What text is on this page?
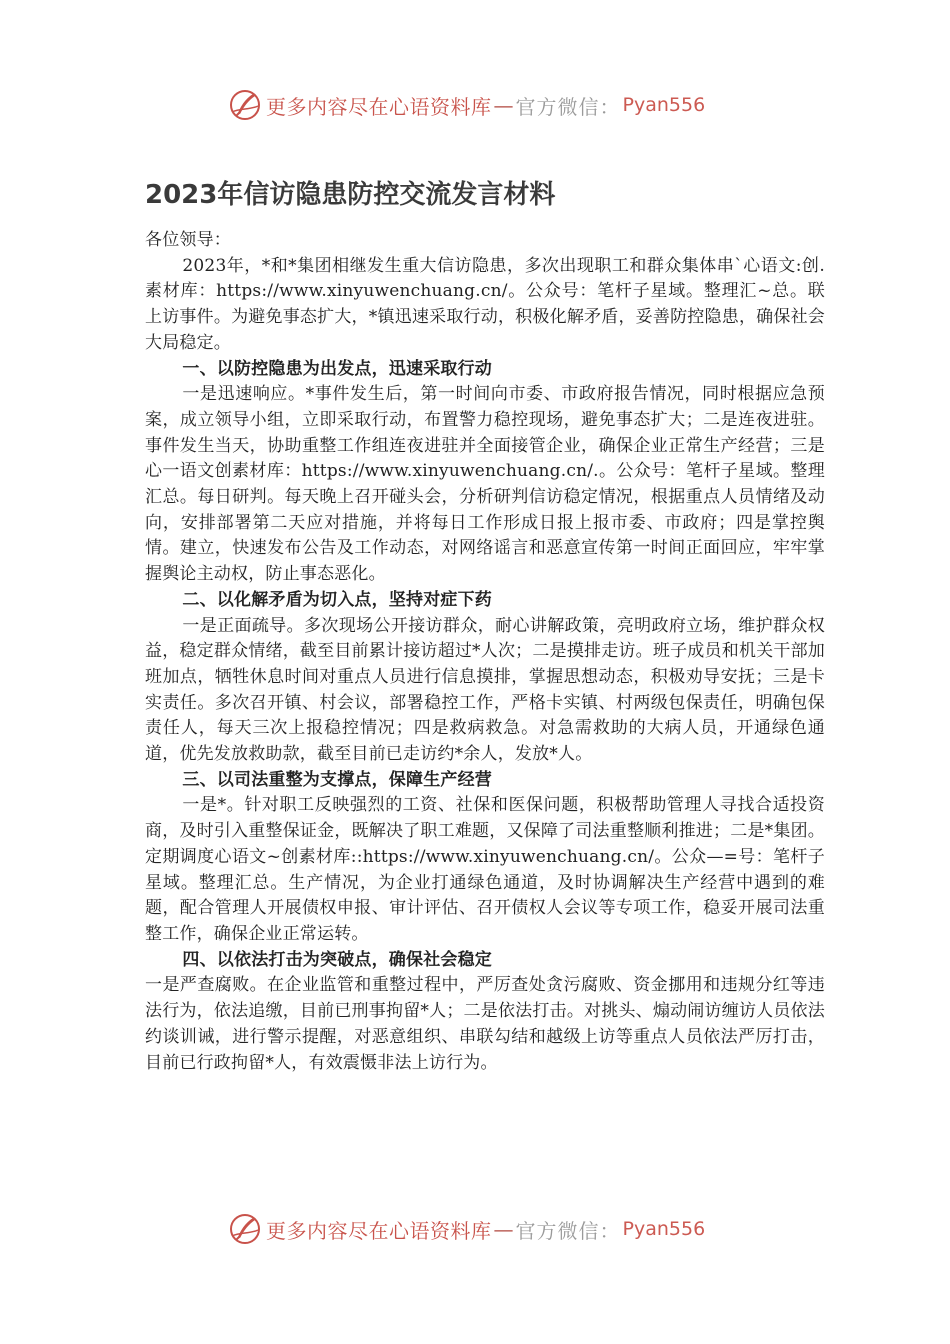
更多内容尽在心语资料库 — 官方微信： Pyan556
2023年信访隐患防控交流发言材料

各位领导：

2023年，*和*集团相继发生重大信访隐患，多次出现职工和群众集体串`心语文:创.素材库：https://www.xinyuwenchuang.cn/。公众号：笔杆子星域。整理汇~总。联上访事件。为避免事态扩大，*镇迅速采取行动，积极化解矛盾，妥善防控隐患，确保社会大局稳定。

一、以防控隐患为出发点，迅速采取行动

一是迅速响应。*事件发生后，第一时间向市委、市政府报告情况，同时根据应急预案，成立领导小组，立即采取行动，布置警力稳控现场，避免事态扩大；二是连夜进驻。事件发生当天，协助重整工作组连夜进驻并全面接管企业，确保企业正常生产经营；三是心一语文创素材库：https://www.xinyuwenchuang.cn/.。公众号：笔杆子星域。整理汇总。每日研判。每天晚上召开碰头会，分析研判信访稳定情况，根据重点人员情绪及动向，安排部署第二天应对措施，并将每日工作形成日报上报市委、市政府；四是掌控舆情。建立，快速发布公告及工作动态，对网络谣言和恶意宣传第一时间正面回应，牢牢掌握舆论主动权，防止事态恶化。

二、以化解矛盾为切入点，坚持对症下药

一是正面疏导。多次现场公开接访群众，耐心讲解政策，亮明政府立场，维护群众权益，稳定群众情绪，截至目前累计接访超过*人次；二是摸排走访。班子成员和机关干部加班加点，牺牲休息时间对重点人员进行信息摸排，掌握思想动态，积极劝导安抚；三是卡实责任。多次召开镇、村会议，部署稳控工作，严格卡实镇、村两级包保责任，明确包保责任人，每天三次上报稳控情况；四是救病救急。对急需救助的大病人员，开通绿色通道，优先发放救助款，截至目前已走访约*余人，发放*人。

三、以司法重整为支撑点，保障生产经营

一是*。针对职工反映强烈的工资、社保和医保问题，积极帮助管理人寻找合适投资商，及时引入重整保证金，既解决了职工难题，又保障了司法重整顺利推进；二是*集团。定期调度心语文~创素材库::https://www.xinyuwenchuang.cn/。公众—=号：笔杆子星域。整理汇总。生产情况，为企业打通绿色通道，及时协调解决生产经营中遇到的难题，配合管理人开展债权申报、审计评估、召开债权人会议等专项工作，稳妥开展司法重整工作，确保企业正常运转。

四、以依法打击为突破点，确保社会稳定

一是严查腐败。在企业监管和重整过程中，严厉查处贪污腐败、资金挪用和违规分红等违法行为，依法追缴，目前已刑事拘留*人；二是依法打击。对挑头、煽动闹访缠访人员依法约谈训诫，进行警示提醒，对恶意组织、串联勾结和越级上访等重点人员依法严厉打击，目前已行政拘留*人，有效震慑非法上访行为。

更多内容尽在心语资料库 — 官方微信： Pyan556
